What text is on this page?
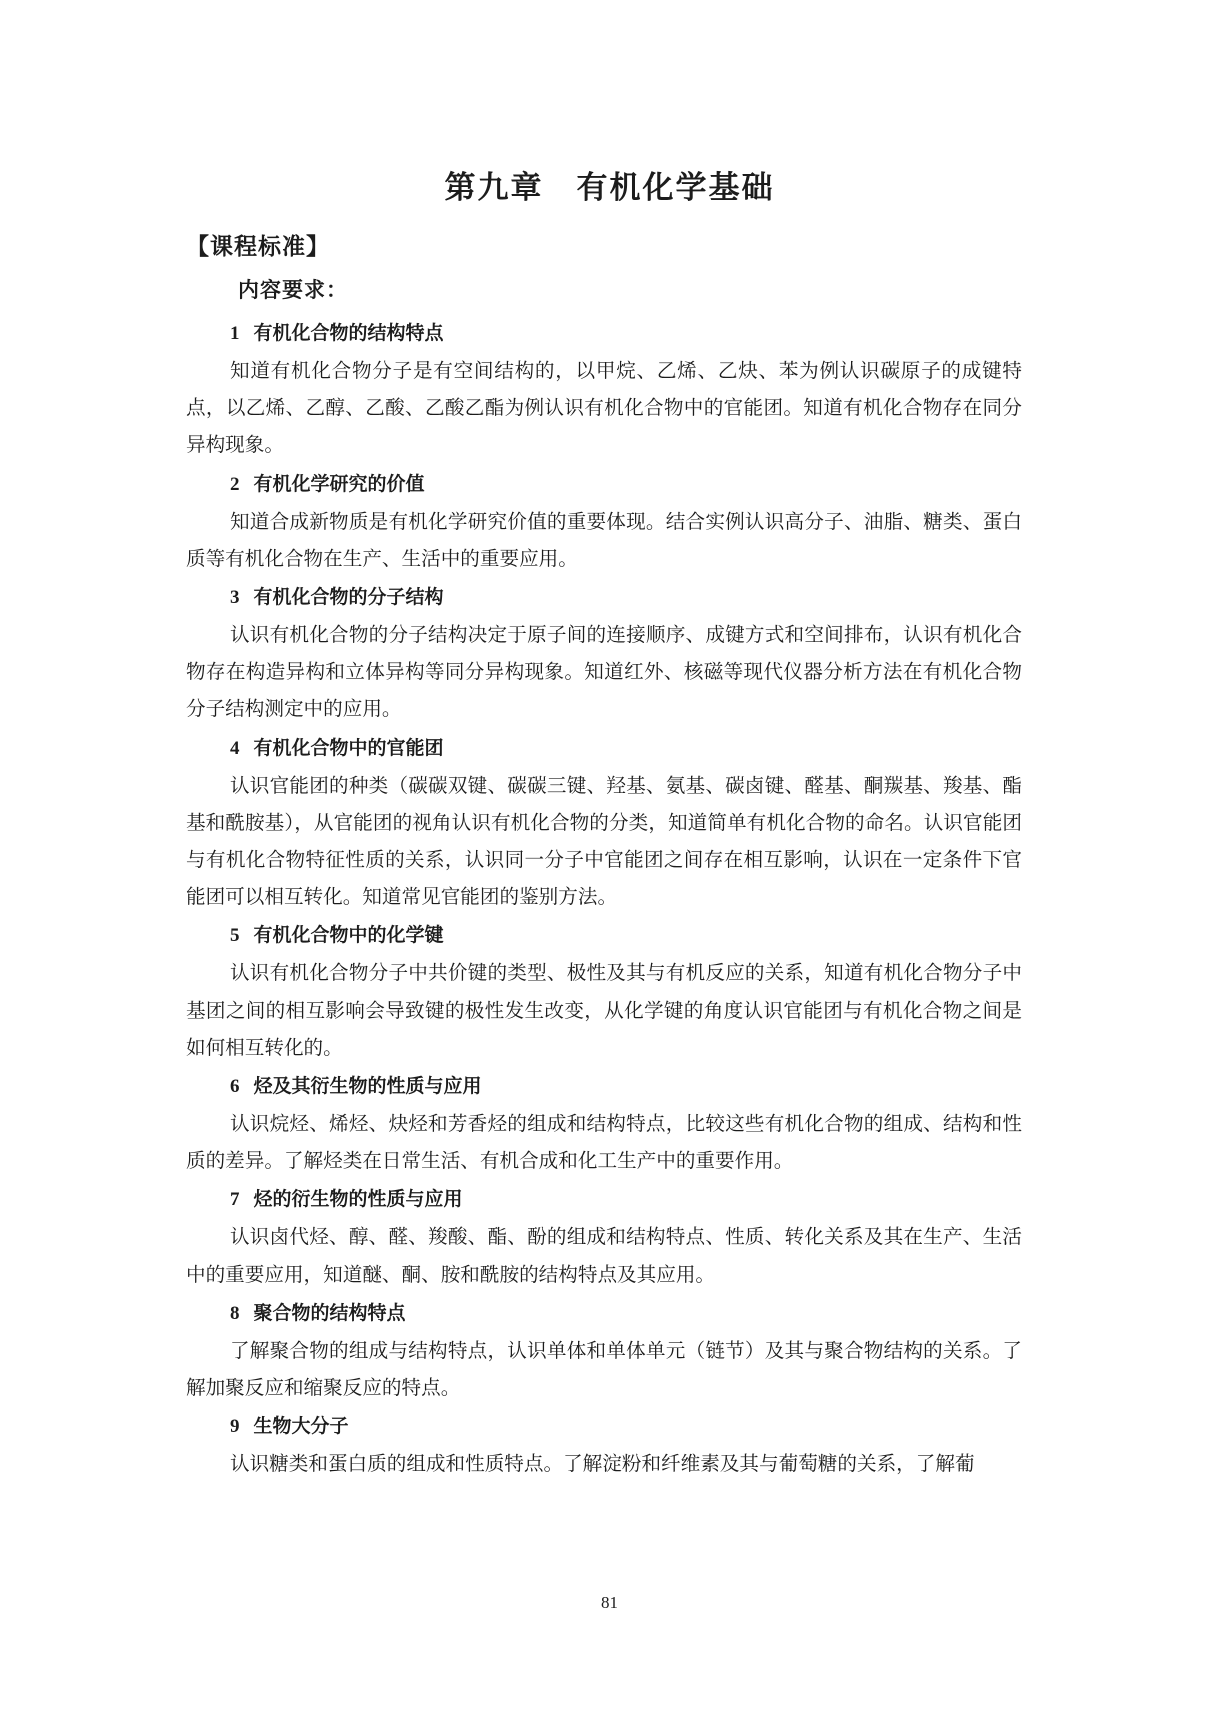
第九章　有机化学基础
【课程标准】
内容要求：
1 有机化合物的结构特点

知道有机化合物分子是有空间结构的，以甲烷、乙烯、乙炔、苯为例认识碳原子的成键特点，以乙烯、乙醇、乙酸、乙酸乙酯为例认识有机化合物中的官能团。知道有机化合物存在同分异构现象。

2 有机化学研究的价值

知道合成新物质是有机化学研究价值的重要体现。结合实例认识高分子、油脂、糖类、蛋白质等有机化合物在生产、生活中的重要应用。

3 有机化合物的分子结构

认识有机化合物的分子结构决定于原子间的连接顺序、成键方式和空间排布，认识有机化合物存在构造异构和立体异构等同分异构现象。知道红外、核磁等现代仪器分析方法在有机化合物分子结构测定中的应用。

4 有机化合物中的官能团

认识官能团的种类（碳碳双键、碳碳三键、羟基、氨基、碳卤键、醛基、酮羰基、羧基、酯基和酰胺基），从官能团的视角认识有机化合物的分类，知道简单有机化合物的命名。认识官能团与有机化合物特征性质的关系，认识同一分子中官能团之间存在相互影响，认识在一定条件下官能团可以相互转化。知道常见官能团的鉴别方法。

5 有机化合物中的化学键

认识有机化合物分子中共价键的类型、极性及其与有机反应的关系，知道有机化合物分子中基团之间的相互影响会导致键的极性发生改变，从化学键的角度认识官能团与有机化合物之间是如何相互转化的。

6 烃及其衍生物的性质与应用

认识烷烃、烯烃、炔烃和芳香烃的组成和结构特点，比较这些有机化合物的组成、结构和性质的差异。了解烃类在日常生活、有机合成和化工生产中的重要作用。

7 烃的衍生物的性质与应用

认识卤代烃、醇、醛、羧酸、酯、酚的组成和结构特点、性质、转化关系及其在生产、生活中的重要应用，知道醚、酮、胺和酰胺的结构特点及其应用。

8 聚合物的结构特点

了解聚合物的组成与结构特点，认识单体和单体单元（链节）及其与聚合物结构的关系。了解加聚反应和缩聚反应的特点。

9 生物大分子

认识糖类和蛋白质的组成和性质特点。了解淀粉和纤维素及其与葡萄糖的关系，了解葡

81
